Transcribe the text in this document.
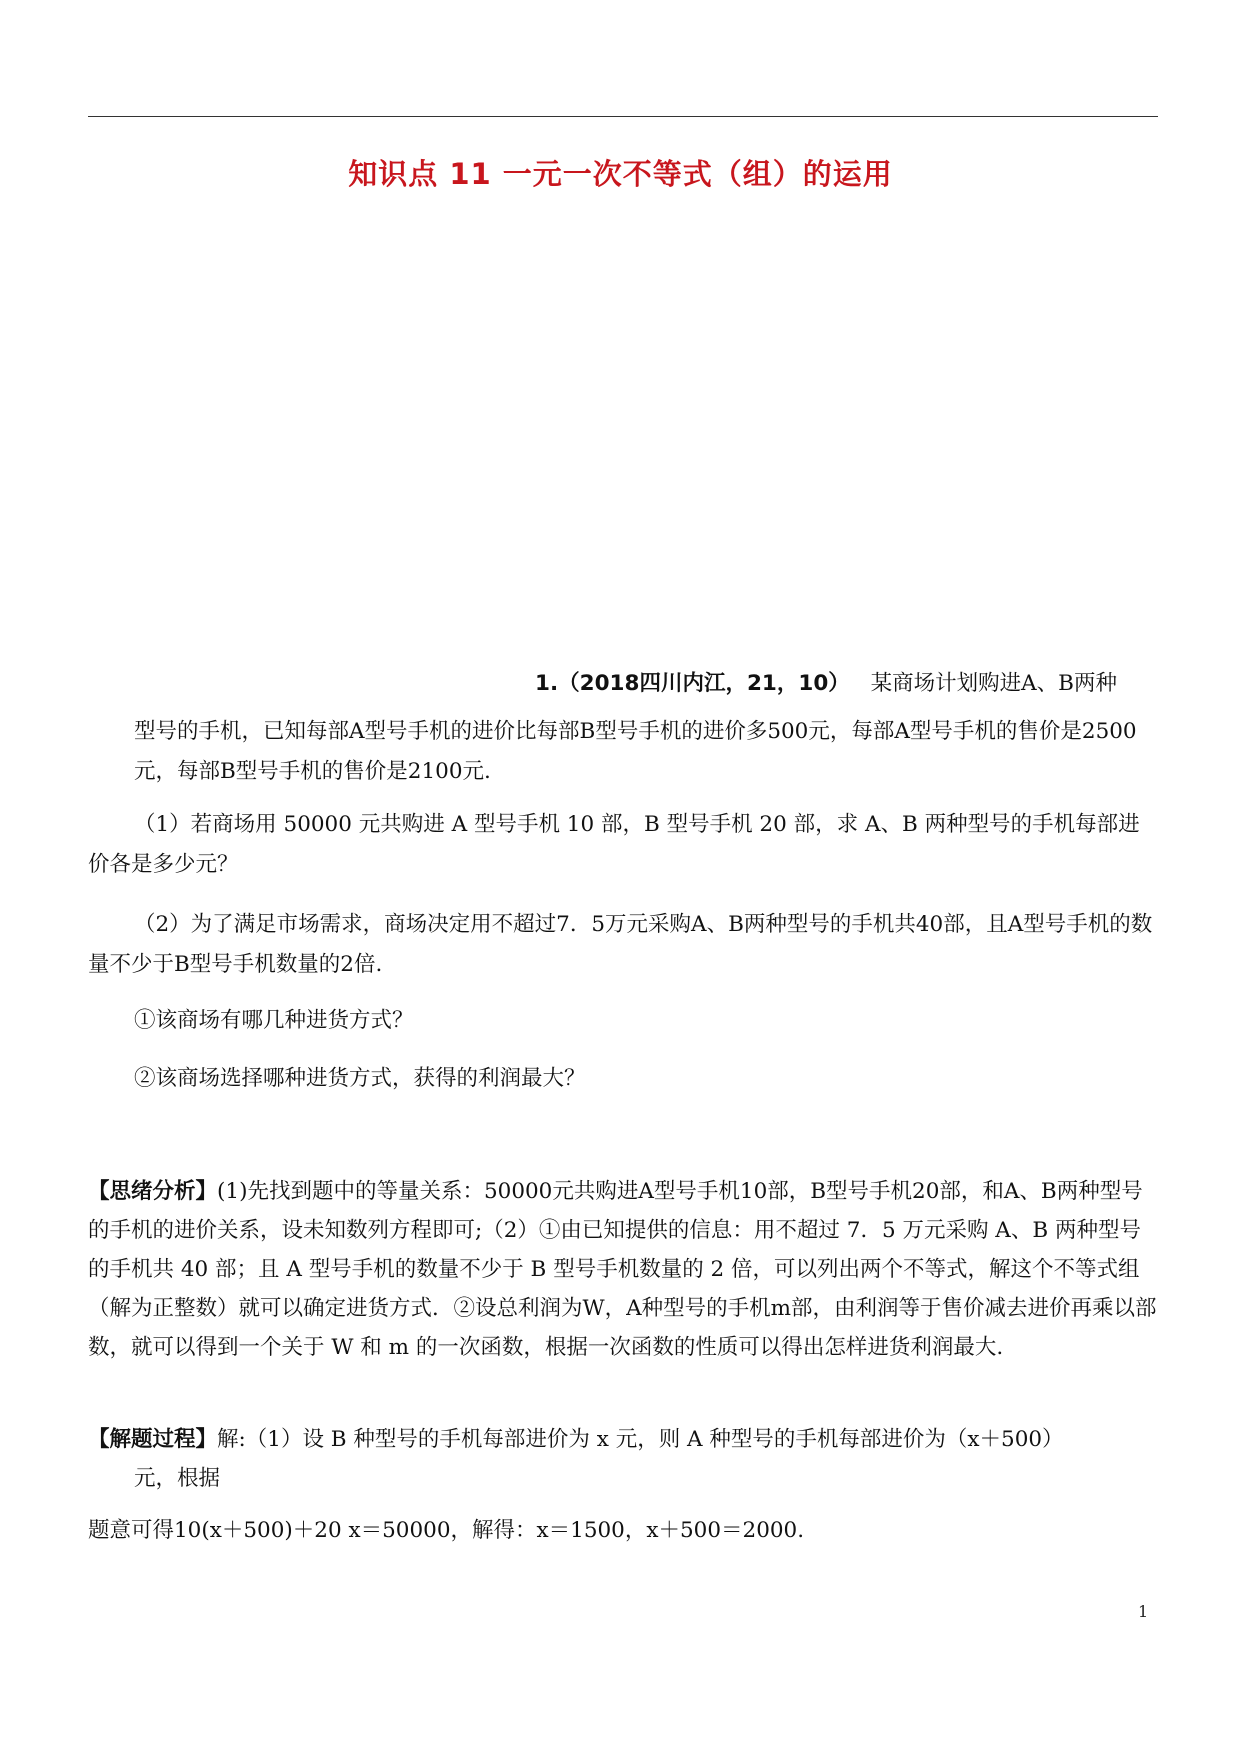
知识点 11 一元一次不等式（组）的运用
1.（2018四川内江，21，10） 某商场计划购进A、B两种
型号的手机，已知每部A型号手机的进价比每部B型号手机的进价多500元，每部A型号手机的售价是2500元，每部B型号手机的售价是2100元.
（1）若商场用 50000 元共购进 A 型号手机 10 部，B 型号手机 20 部，求 A、B 两种型号的手机每部进价各是多少元？
（2）为了满足市场需求，商场决定用不超过7．5万元采购A、B两种型号的手机共40部，且A型号手机的数量不少于B型号手机数量的2倍.
①该商场有哪几种进货方式？
②该商场选择哪种进货方式，获得的利润最大？
【思绪分析】(1)先找到题中的等量关系：50000元共购进A型号手机10部，B型号手机20部，和A、B两种型号的手机的进价关系，设未知数列方程即可;（2）①由已知提供的信息：用不超过 7．5 万元采购 A、B 两种型号的手机共 40 部；且 A 型号手机的数量不少于 B 型号手机数量的 2 倍，可以列出两个不等式，解这个不等式组（解为正整数）就可以确定进货方式．②设总利润为W，A种型号的手机m部，由利润等于售价减去进价再乘以部数，就可以得到一个关于 W 和 m 的一次函数，根据一次函数的性质可以得出怎样进货利润最大.
【解题过程】解:（1）设 B 种型号的手机每部进价为 x 元，则 A 种型号的手机每部进价为（x＋500）
元，根据
题意可得10(x＋500)＋20 x＝50000，解得：x＝1500，x＋500＝2000.
1
